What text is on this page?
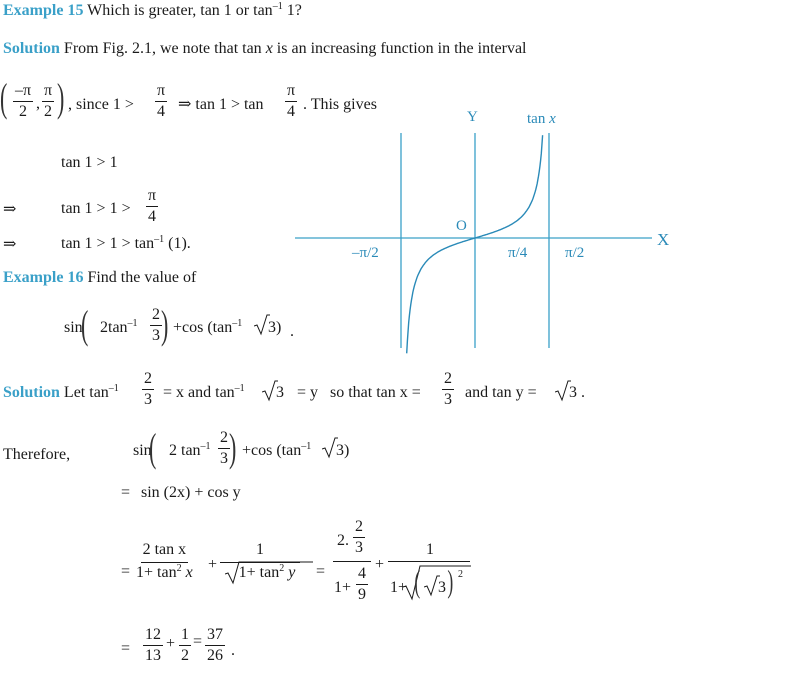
Example 15 Which is greater, tan 1 or $\tan^{-1} 1$?
Solution From Fig. 2.1, we note that tan x is an increasing function in the interval
( $\frac{-\pi}{2}$ , $\frac{\pi}{2}$ ) , since $1 > \frac{\pi}{4}$ ⇒ $\tan 1 > \tan \frac{\pi}{4}$ . This gives
tan 1 > 1
⇒	$\tan 1 > 1 > \frac{\pi}{4}$
⇒	$\tan 1 > 1 > \tan^{-1} (1)$.
Example 16 Find the value of
sin
( $2\tan^{-1} \frac{2}{3}$
) +cos ($\tan^{-1}$ 3) .
Y	tan x
O
X
–π/2	π/4	π/2
Solution Let $\tan^{-1} \frac{2}{3} = x$ and $\tan^{-1} 3 = y$ so that $\tan x = \frac{2}{3}$ and tan y = 3 .
Therefore,	sin
( 2 $\tan^{-1} \frac{2}{3}$
) +cos ($\tan^{-1}$ 3)
= sin (2x) + cos y
= $\frac{\text{2 tan x}}{1+ \tan^2 x} + \frac{1}{1+ \tan^2 y}$ =
2. $\frac{2}{3}$
$1+ \frac{4}{9}$
+
1
1+ ( 3 ) 2
= $\frac{12}{13} + \frac{1}{2} = \frac{37}{26}$ .
